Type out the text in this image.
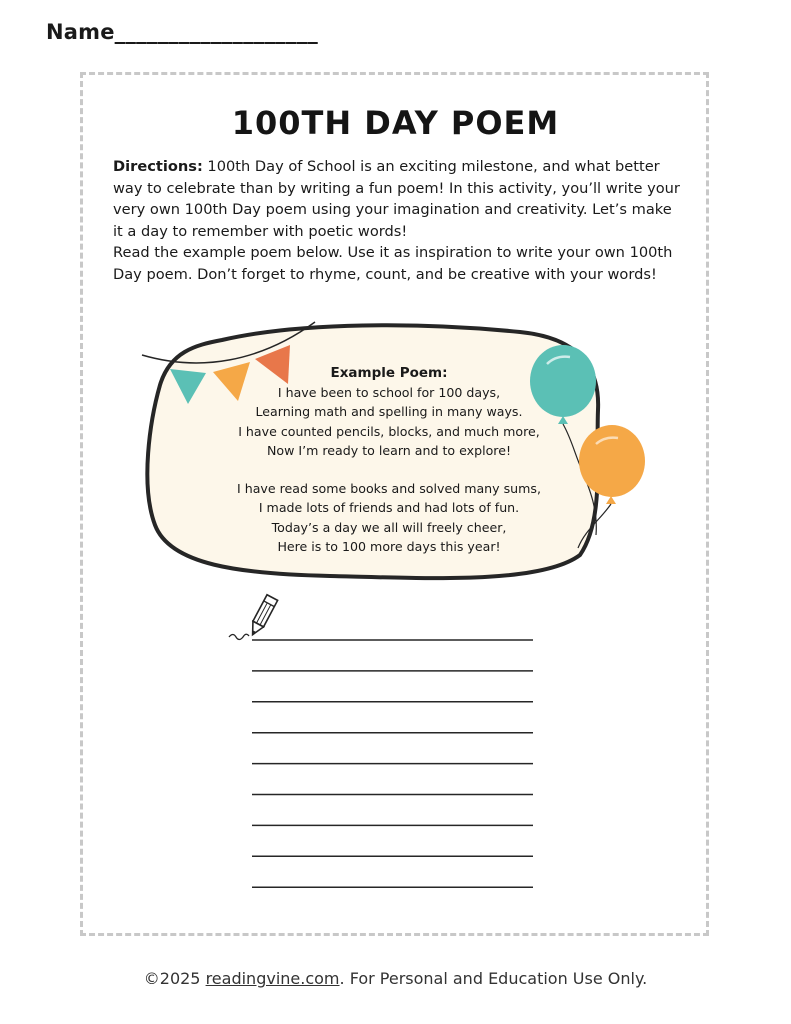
Name___________________
100TH DAY POEM

Directions: 100th Day of School is an exciting milestone, and what better way to celebrate than by writing a fun poem! In this activity, you’ll write your very own 100th Day poem using your imagination and creativity. Let’s make it a day to remember with poetic words!

Read the example poem below. Use it as inspiration to write your own 100th Day poem. Don’t forget to rhyme, count, and be creative with your words!

Example Poem:
I have been to school for 100 days,
Learning math and spelling in many ways.
I have counted pencils, blocks, and much more,
Now I’m ready to learn and to explore!
I have read some books and solved many sums,
I made lots of friends and had lots of fun.
Today’s a day we all will freely cheer,
Here is to 100 more days this year!
©2025 readingvine.com. For Personal and Education Use Only.
